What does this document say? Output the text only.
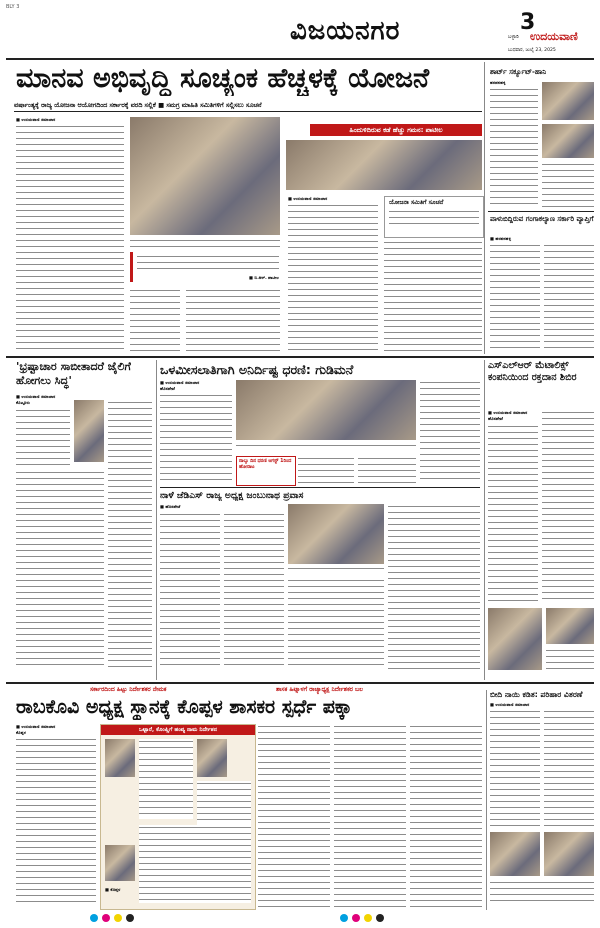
BLY 3
ವಿಜಯನಗರ	3
ಬಳ್ಳಾರಿ ಉದಯವಾಣಿ
ಬುಧವಾರ, ಜುಲೈ 23, 2025
ಮಾನವ ಅಭಿವೃದ್ಧಿ ಸೂಚ್ಯಂಕ ಹೆಚ್ಚಳಕ್ಕೆ ಯೋಜನೆ
ವರ್ಷಾಂತ್ಯಕ್ಕೆ ರಾಜ್ಯ ಯೋಜನಾ ಆಯೋಗದಿಂದ ಸರ್ಕಾರಕ್ಕೆ ವರದಿ ಸಲ್ಲಿಕೆ ■ ಸಮಗ್ರ ಮಾಹಿತಿ ಸಮಿತಿಗಳಿಗೆ ಸಲ್ಲಿಸಲು ಸೂಚನೆ
■ ಉದಯವಾಣಿ ಸಮಾಚಾರ
■ ಬಿ.ಆರ್. ಪಾಟೀಲ
ಹಿಂದುಳಿದಿರುವ ಕಡೆ ಹೆಚ್ಚು ಗಮನ: ಪಾಟೀಲ
■ ಉದಯವಾಣಿ ಸಮಾಚಾರ
ಯೋಜನಾ ಸಮಿತಿಗೆ ಸೂಚನೆ
ಶಾರ್ಟ್ ಸರ್ಕ್ಯೂಟ್-ಹಾನಿ
ಹರಪನಹಳ್ಳಿ
ಪಾಳುಬಿದ್ದಿರುವ ಗಂಗಾಕಲ್ಯಾಣ ಸರ್ಕಾರಿ ವ್ಯಾಪ್ತಿಗೆ
■ ಹರಪನಹಳ್ಳಿ
'ಭ್ರಷ್ಟಾಚಾರ ಸಾಬೀತಾದರೆ ಜೈಲಿಗೆ ಹೋಗಲು ಸಿದ್ಧ'
■ ಉದಯವಾಣಿ ಸಮಾಚಾರ
ಕೊಟ್ಟೂರು
ಒಳಮೀಸಲಾತಿಗಾಗಿ ಅನಿರ್ದಿಷ್ಟ ಧರಣಿ: ಗುಡಿಮನೆ
■ ಉದಯವಾಣಿ ಸಮಾಚಾರ
ಹೊಸಪೇಟೆ
ನಾಲ್ಕು ದಿನ ಧರಣಿ ಆಗಸ್ಟ್ 1ರಿಂದ ಹೋರಾಟ
ನಾಳೆ ಜೆಡಿಎಸ್ ರಾಜ್ಯ ಅಧ್ಯಕ್ಷ ಜಂಬುನಾಥ ಪ್ರವಾಸ
■ ಹೊಸಪೇಟೆ
ಎಸ್‌ಎಲ್‌ಆರ್ ಮೆಟಾಲಿಕ್ಸ್ ಕಂಪನಿಯಿಂದ ರಕ್ತದಾನ ಶಿಬಿರ
■ ಉದಯವಾಣಿ ಸಮಾಚಾರ
ಹೊಸಪೇಟೆ
ಸರ್ಕಾರದಿಂದ ಹಿಟ್ಟು ನಿರ್ದೇಶಕರ ನೇಮಕ	ಶಾಸಕ ಹಿಟ್ನಾಳಗೆ ರಾಜ್ಯಾಧ್ಯಕ್ಷ ನಿರ್ದೇಶಕರ ಬಲ
ರಾಬಕೊವಿ ಅಧ್ಯಕ್ಷ ಸ್ಥಾನಕ್ಕೆ ಕೊಪ್ಪಳ ಶಾಸಕರ ಸ್ಪರ್ಧೆ ಪಕ್ಕಾ
■ ಉದಯವಾಣಿ ಸಮಾಚಾರ
ಕೊಪ್ಪಳ	ಒಟ್ಟಾರೆ, ಕೊಂಪ್ಲಿಗೆ ಹಂಪ್ಯ ನಾಮ ನಿರ್ದೇಶನ
■ ಕೊಪ್ಪಳ
ಬೀದಿ ನಾಯಿ ಕಡಿತ: ಪರಿಹಾರ ವಿತರಣೆ
■ ಉದಯವಾಣಿ ಸಮಾಚಾರ
